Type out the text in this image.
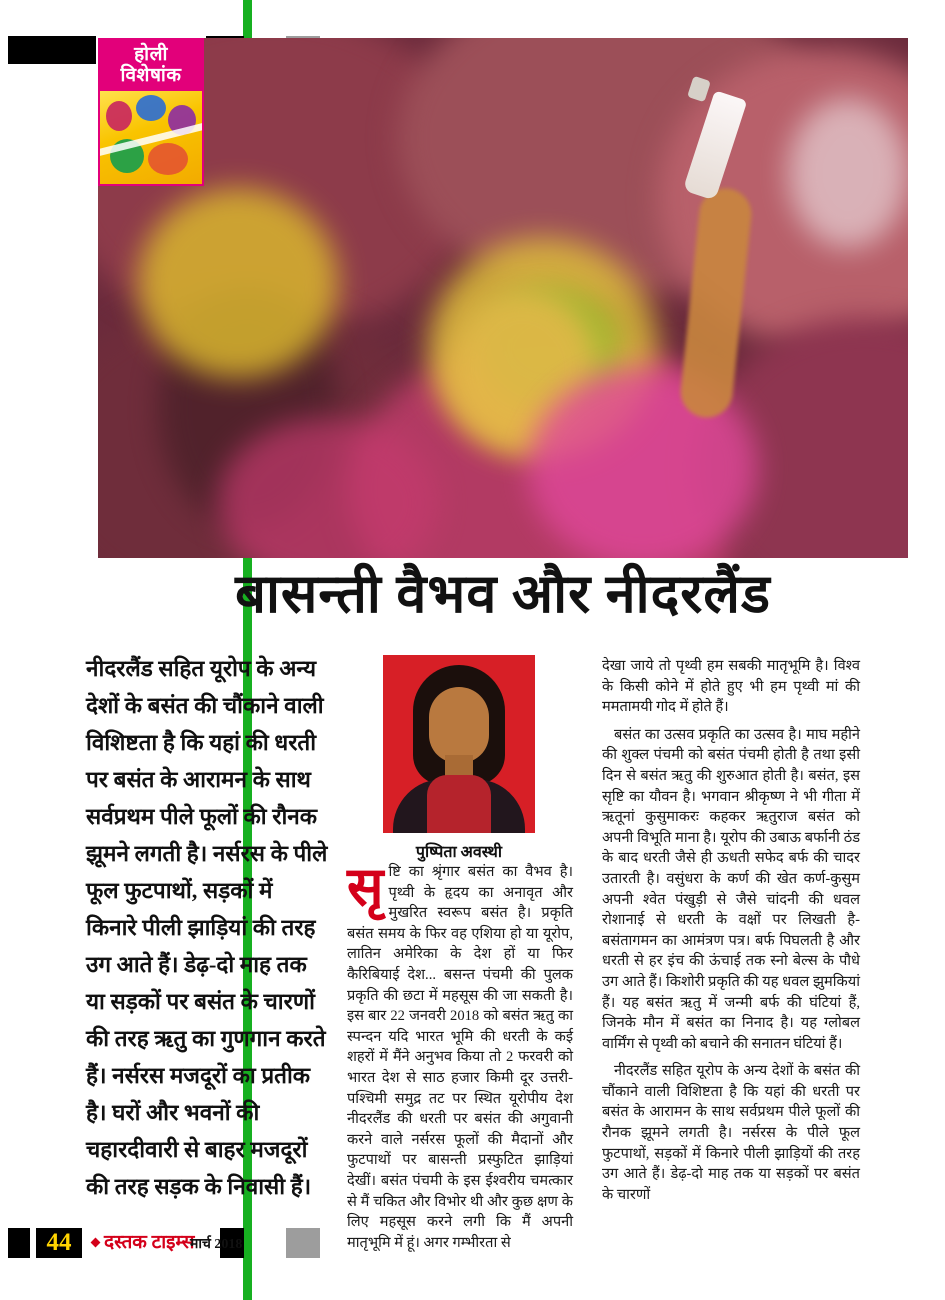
होली
विशेषांक
बासन्ती वैभव और नीदरलैंड
नीदरलैंड सहित यूरोप के अन्य देशों के बसंत की चौंकाने वाली विशिष्टता है कि यहां की धरती पर बसंत के आरामन के साथ सर्वप्रथम पीले फूलों की रौनक झूमने लगती है। नर्सरस के पीले फूल फुटपाथों, सड़कों में किनारे पीली झाड़ियां की तरह उग आते हैं। डेढ़-दो माह तक या सड़कों पर बसंत के चारणों की तरह ऋतु का गुणगान करते हैं। नर्सरस मजदूरों का प्रतीक है। घरों और भवनों की चहारदीवारी से बाहर मजदूरों की तरह सड़क के निवासी हैं।
पुष्पिता अवस्थी
सृष्टि का श्रृंगार बसंत का वैभव है। पृथ्वी के हृदय का अनावृत और मुखरित स्वरूप बसंत है। प्रकृति बसंत समय के फिर वह एशिया हो या यूरोप, लातिन अमेरिका के देश हों या फिर कैरिबियाई देश... बसन्त पंचमी की पुलक प्रकृति की छटा में महसूस की जा सकती है। इस बार 22 जनवरी 2018 को बसंत ऋतु का स्पन्दन यदि भारत भूमि की धरती के कई शहरों में मैंने अनुभव किया तो 2 फरवरी को भारत देश से साठ हजार किमी दूर उत्तरी-पश्चिमी समुद्र तट पर स्थित यूरोपीय देश नीदरलैंड की धरती पर बसंत की अगुवानी करने वाले नर्सरस फूलों की मैदानों और फुटपाथों पर बासन्ती प्रस्फुटित झाड़ियां देखीं। बसंत पंचमी के इस ईश्वरीय चमत्कार से मैं चकित और विभोर थी और कुछ क्षण के लिए महसूस करने लगी कि मैं अपनी मातृभूमि में हूं। अगर गम्भीरता से

देखा जाये तो पृथ्वी हम सबकी मातृभूमि है। विश्व के किसी कोने में होते हुए भी हम पृथ्वी मां की ममतामयी गोद में होते हैं।

बसंत का उत्सव प्रकृति का उत्सव है। माघ महीने की शुक्ल पंचमी को बसंत पंचमी होती है तथा इसी दिन से बसंत ऋतु की शुरुआत होती है। बसंत, इस सृष्टि का यौवन है। भगवान श्रीकृष्ण ने भी गीता में ऋतूनां कुसुमाकरः कहकर ऋतुराज बसंत को अपनी विभूति माना है। यूरोप की उबाऊ बर्फानी ठंड के बाद धरती जैसे ही ऊधती सफेद बर्फ की चादर उतारती है। वसुंधरा के कर्ण की खेत कर्ण-कुसुम अपनी श्वेत पंखुड़ी से जैसे चांदनी की धवल रोशानाई से धरती के वक्षों पर लिखती है-बसंतागमन का आमंत्रण पत्र। बर्फ पिघलती है और धरती से हर इंच की ऊंचाई तक स्नो बेल्स के पौधे उग आते हैं। किशोरी प्रकृति की यह धवल झुमकियां हैं। यह बसंत ऋतु में जन्मी बर्फ की घंटियां हैं, जिनके मौन में बसंत का निनाद है। यह ग्लोबल वार्मिंग से पृथ्वी को बचाने की सनातन घंटियां हैं।

नीदरलैंड सहित यूरोप के अन्य देशों के बसंत की चौंकाने वाली विशिष्टता है कि यहां की धरती पर बसंत के आरामन के साथ सर्वप्रथम पीले फूलों की रौनक झूमने लगती है। नर्सरस के पीले फूल फुटपाथों, सड़कों में किनारे पीली झाड़ियों की तरह उग आते हैं। डेढ़-दो माह तक या सड़कों पर बसंत के चारणों

44	दस्तक टाइम्स
मार्च 2018
